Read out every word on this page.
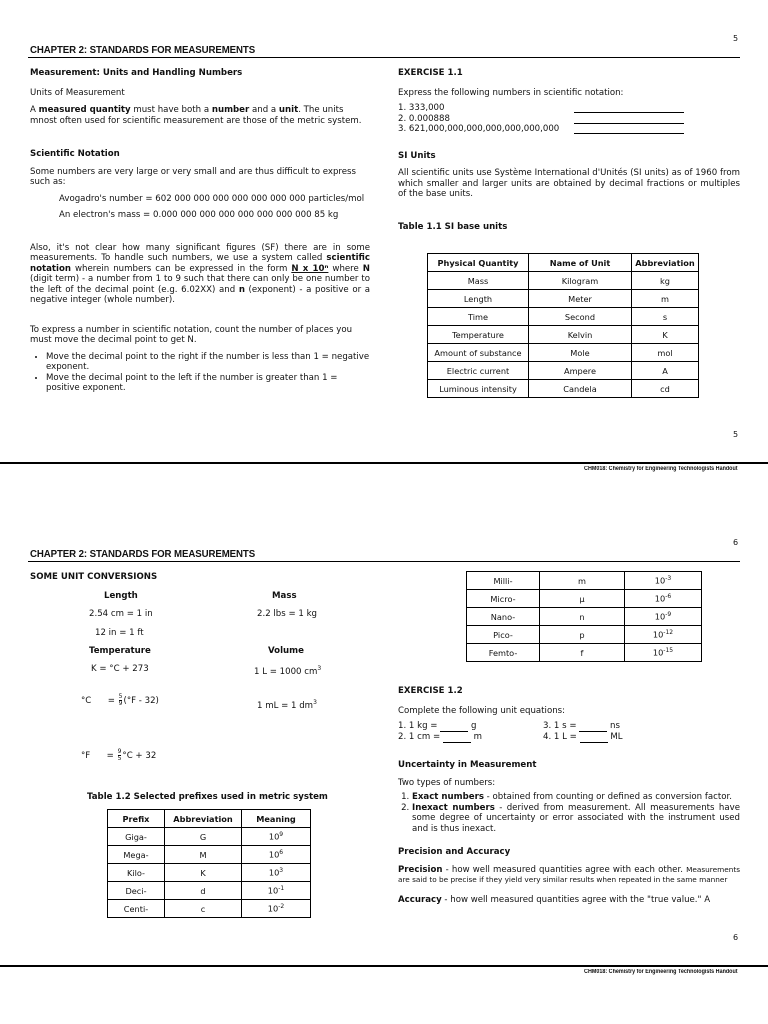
5
CHAPTER 2: STANDARDS FOR MEASUREMENTS

Measurement: Units and Handling Numbers

Units of Measurement

A measured quantity must have both a number and a unit. The units mnost often used for scientific measurement are those of the metric system.

Scientific Notation

Some numbers are very large or very small and are thus difficult to express such as:

Avogadro's number = 602 000 000 000 000 000 000 000 particles/mol

An electron's mass = 0.000 000 000 000 000 000 000 000 85 kg

Also, it's not clear how many significant figures (SF) there are in some measurements. To handle such numbers, we use a system called scientific notation wherein numbers can be expressed in the form N x 10ⁿ where N (digit term) - a number from 1 to 9 such that there can only be one number to the left of the decimal point (e.g. 6.02XX) and n (exponent) - a positive or a negative integer (whole number).

To express a number in scientific notation, count the number of places you must move the decimal point to get N.

• Move the decimal point to the right if the number is less than 1 = negative exponent.
• Move the decimal point to the left if the number is greater than 1 = positive exponent.

EXERCISE 1.1

Express the following numbers in scientific notation:

1. 333,000
2. 0.000888
3. 621,000,000,000,000,000,000,000

SI Units

All scientific units use Système International d'Unités (SI units) as of 1960 from which smaller and larger units are obtained by decimal fractions or multiples of the base units.

Table 1.1 SI base units

Physical Quantity	Name of Unit	Abbreviation
Mass	Kilogram	kg
Length	Meter	m
Time	Second	s
Temperature	Kelvin	K
Amount of substance	Mole	mol
Electric current	Ampere	A
Luminous intensity	Candela	cd
5
CHM018: Chemistry for Engineering Technologists Handout
6
CHAPTER 2: STANDARDS FOR MEASUREMENTS

SOME UNIT CONVERSIONS

Length
2.54 cm = 1 in
12 in = 1 ft
Temperature
K = °C + 273
Mass
2.2 lbs = 1 kg
Volume
1 L = 1000 $cm^3$
$^\circ C = \frac{5}{9} (^\circ F - 32)$	1 mL = 1 $dm^3$
$^\circ F = \frac{9}{5} ^\circ C + 32$
Table 1.2 Selected prefixes used in metric system
Prefix	Abbreviation	Meaning
Giga-	G	$10^9$
Mega-	M	$10^6$
Kilo-	K	$10^3$
Deci-	d	$10^{-1}$
Centi-	c	$10^{-2}$
Milli-	m	$10^{-3}$
Micro-	μ	$10^{-6}$
Nano-	n	$10^{-9}$
Pico-	p	$10^{-12}$
Femto-	f	$10^{-15}$

EXERCISE 1.2

Complete the following unit equations:

1. 1 kg =	g
2. 1 cm =	m
3. 1 s =	ns
4. 1 L =	ML

Uncertainty in Measurement

Two types of numbers:

1. Exact numbers - obtained from counting or defined as conversion factor.
2. Inexact numbers - derived from measurement. All measurements have some degree of uncertainty or error associated with the instrument used and is thus inexact.

Precision and Accuracy

Precision - how well measured quantities agree with each other. Measurements are said to be precise if they yield very similar results when repeated in the same manner

Accuracy - how well measured quantities agree with the "true value." A

6
CHM018: Chemistry for Engineering Technologists Handout
